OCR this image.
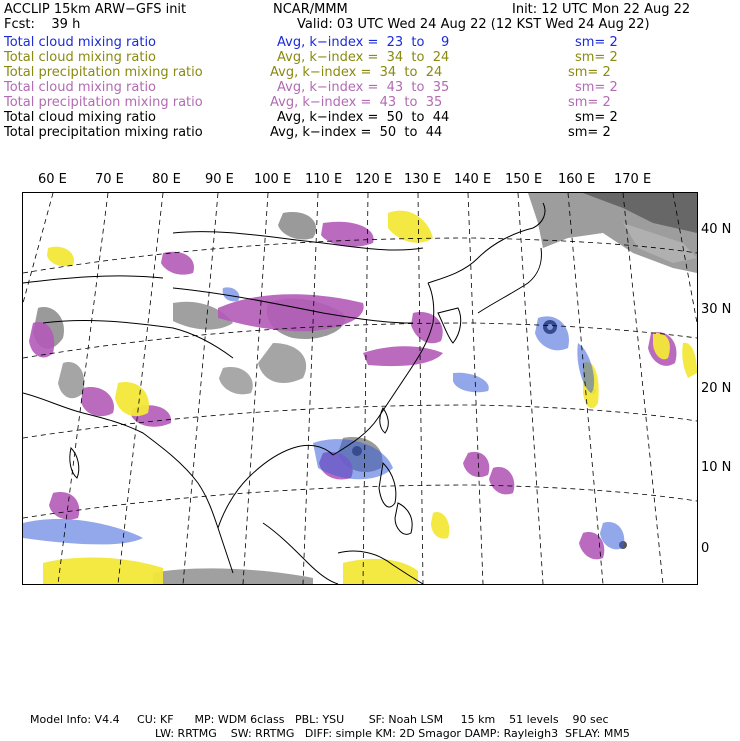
ACCLIP 15km ARW−GFS init	NCAR/MMM	Init: 12 UTC Mon 22 Aug 22
Fcst:    39 h	Valid: 03 UTC Wed 24 Aug 22 (12 KST Wed 24 Aug 22)
Total cloud mixing ratio	Avg, k−index =  23  to    9	sm= 2
Total cloud mixing ratio	Avg, k−index =  34  to  24	sm= 2
Total precipitation mixing ratio	Avg, k−index =  34  to  24	sm= 2
Total cloud mixing ratio	Avg, k−index =  43  to  35	sm= 2
Total precipitation mixing ratio	Avg, k−index =  43  to  35	sm= 2
Total cloud mixing ratio	Avg, k−index =  50  to  44	sm= 2
Total precipitation mixing ratio	Avg, k−index =  50  to  44	sm= 2
60 E 70 E 80 E 90 E 100 E 110 E 120 E 130 E 140 E 150 E 160 E 170 E
40 N
30 N
20 N
10 N
0
Model Info: V4.4     CU: KF      MP: WDM 6class   PBL: YSU       SF: Noah LSM     15 km    51 levels    90 sec
LW: RRTMG    SW: RRTMG   DIFF: simple KM: 2D Smagor DAMP: Rayleigh3  SFLAY: MM5
